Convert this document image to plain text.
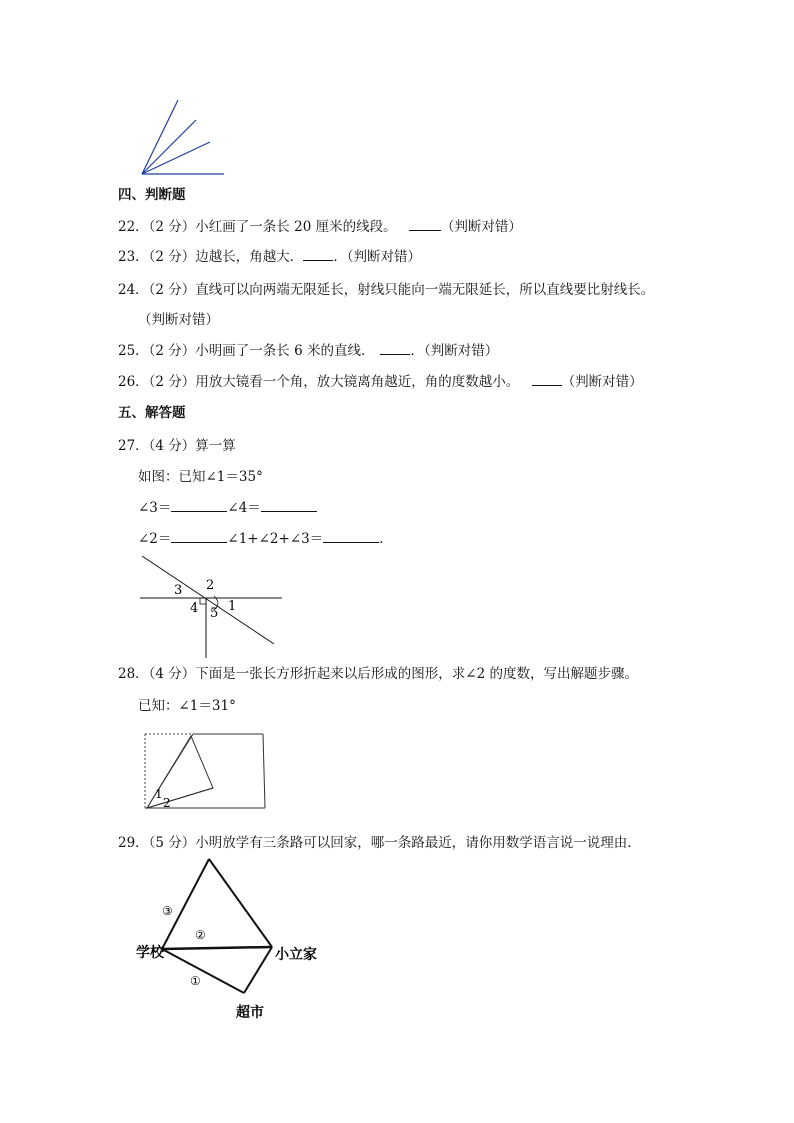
四、判断题
22．（2 分）小红画了一条长 20 厘米的线段。	（判断对错）
23．（2 分）边越长，角越大． ．（判断对错）
24．（2 分）直线可以向两端无限延长，射线只能向一端无限延长，所以直线要比射线长。
（判断对错）
25．（2 分）小明画了一条长 6 米的直线．	．（判断对错）
26．（2 分）用放大镜看一个角，放大镜离角越近，角的度数越小。	（判断对错）
五、解答题
27．（4 分）算一算
如图：已知∠1＝35°
∠3＝	∠4＝
∠2＝	∠1+∠2+∠3＝	．
3 2
4 5 1
28．（4 分）下面是一张长方形折起来以后形成的图形，求∠2 的度数，写出解题步骤。
已知：∠1＝31°
1
2
29．（5 分）小明放学有三条路可以回家，哪一条路最近，请你用数学语言说一说理由．
③
②
①
学校	小立家
超市
